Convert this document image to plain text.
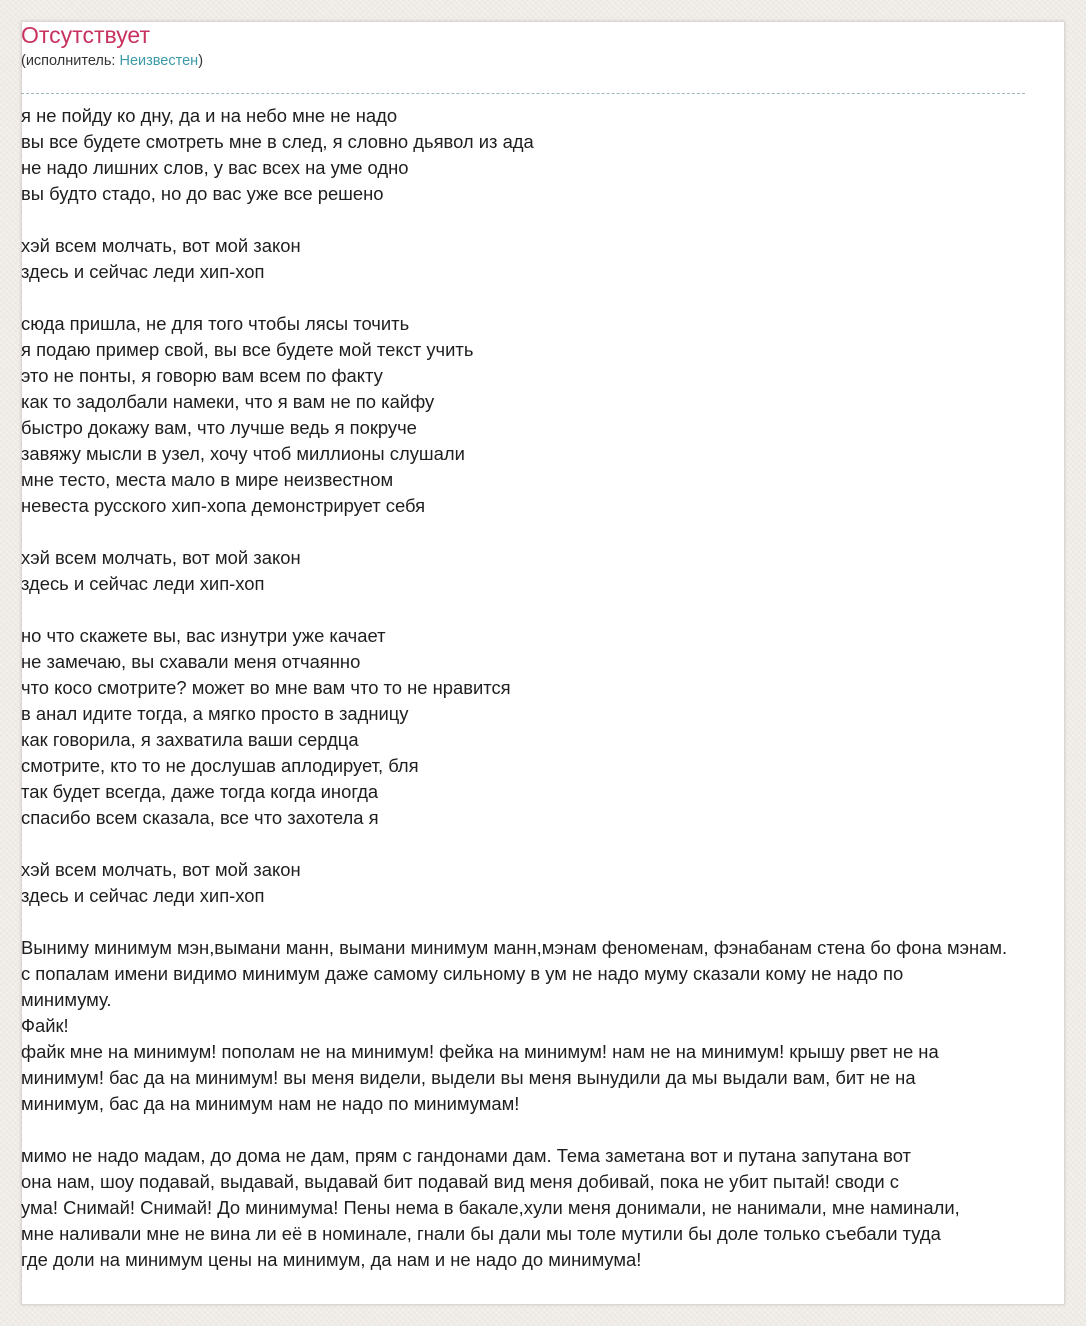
Отсутствует
(исполнитель: Неизвестен)
я не пойду ко дну, да и на небо мне не надо
вы все будете смотреть мне в след, я словно дьявол из ада
не надо лишних слов, у вас всех на уме одно
вы будто стадо, но до вас уже все решено
хэй всем молчать, вот мой закон
здесь и сейчас леди хип-хоп
сюда пришла, не для того чтобы лясы точить
я подаю пример свой, вы все будете мой текст учить
это не понты, я говорю вам всем по факту
как то задолбали намеки, что я вам не по кайфу
быстро докажу вам, что лучше ведь я покруче
завяжу мысли в узел, хочу чтоб миллионы слушали
мне тесто, места мало в мире неизвестном
невеста русского хип-хопа демонстрирует себя
хэй всем молчать, вот мой закон
здесь и сейчас леди хип-хоп
но что скажете вы, вас изнутри уже качает
не замечаю, вы схавали меня отчаянно
что косо смотрите? может во мне вам что то не нравится
в анал идите тогда, а мягко просто в задницу
как говорила, я захватила ваши сердца
смотрите, кто то не дослушав аплодирует, бля
так будет всегда, даже тогда когда иногда
спасибо всем сказала, все что захотела я
хэй всем молчать, вот мой закон
здесь и сейчас леди хип-хоп
Выниму минимум мэн,вымани манн, вымани минимум манн,мэнам феноменам, фэнабанам стена бо фона мэнам.
с попалам имени видимо минимум даже самому сильному в ум не надо муму сказали кому не надо по
минимуму.
Файк!
файк мне на минимум! пополам не на минимум! фейка на минимум! нам не на минимум! крышу рвет не на
минимум! бас да на минимум! вы меня видели, выдели вы меня вынудили да мы выдали вам, бит не на
минимум, бас да на минимум нам не надо по минимумам!
мимо не надо мадам, до дома не дам, прям с гандонами дам. Тема заметана вот и путана запутана вот
она нам, шоу подавай, выдавай, выдавай бит подавай вид меня добивай, пока не убит пытай! своди с
ума! Снимай! Снимай! До минимума! Пены нема в бакале,хули меня донимали, не нанимали, мне наминали,
мне наливали мне не вина ли её в номинале, гнали бы дали мы толе мутили бы доле только съебали туда
где доли на минимум цены на минимум, да нам и не надо до минимума!
